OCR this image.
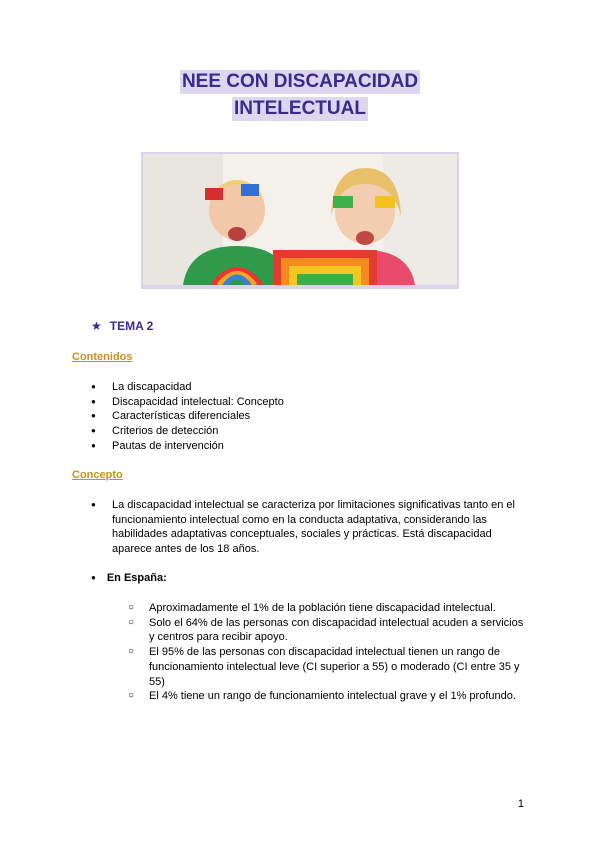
NEE CON DISCAPACIDAD
INTELECTUAL
★ TEMA 2
Contenidos
● La discapacidad
● Discapacidad intelectual: Concepto
● Características diferenciales
● Criterios de detección
● Pautas de intervención
Concepto
● La discapacidad intelectual se caracteriza por limitaciones significativas tanto en el funcionamiento intelectual como en la conducta adaptativa, considerando las habilidades adaptativas conceptuales, sociales y prácticas. Está discapacidad aparece antes de los 18 años.
● En España:
○ Aproximadamente el 1% de la población tiene discapacidad intelectual.
○ Solo el 64% de las personas con discapacidad intelectual acuden a servicios y centros para recibir apoyo.
○ El 95% de las personas con discapacidad intelectual tienen un rango de funcionamiento intelectual leve (CI superior a 55) o moderado (CI entre 35 y 55)
○ El 4% tiene un rango de funcionamiento intelectual grave y el 1% profundo.
1
